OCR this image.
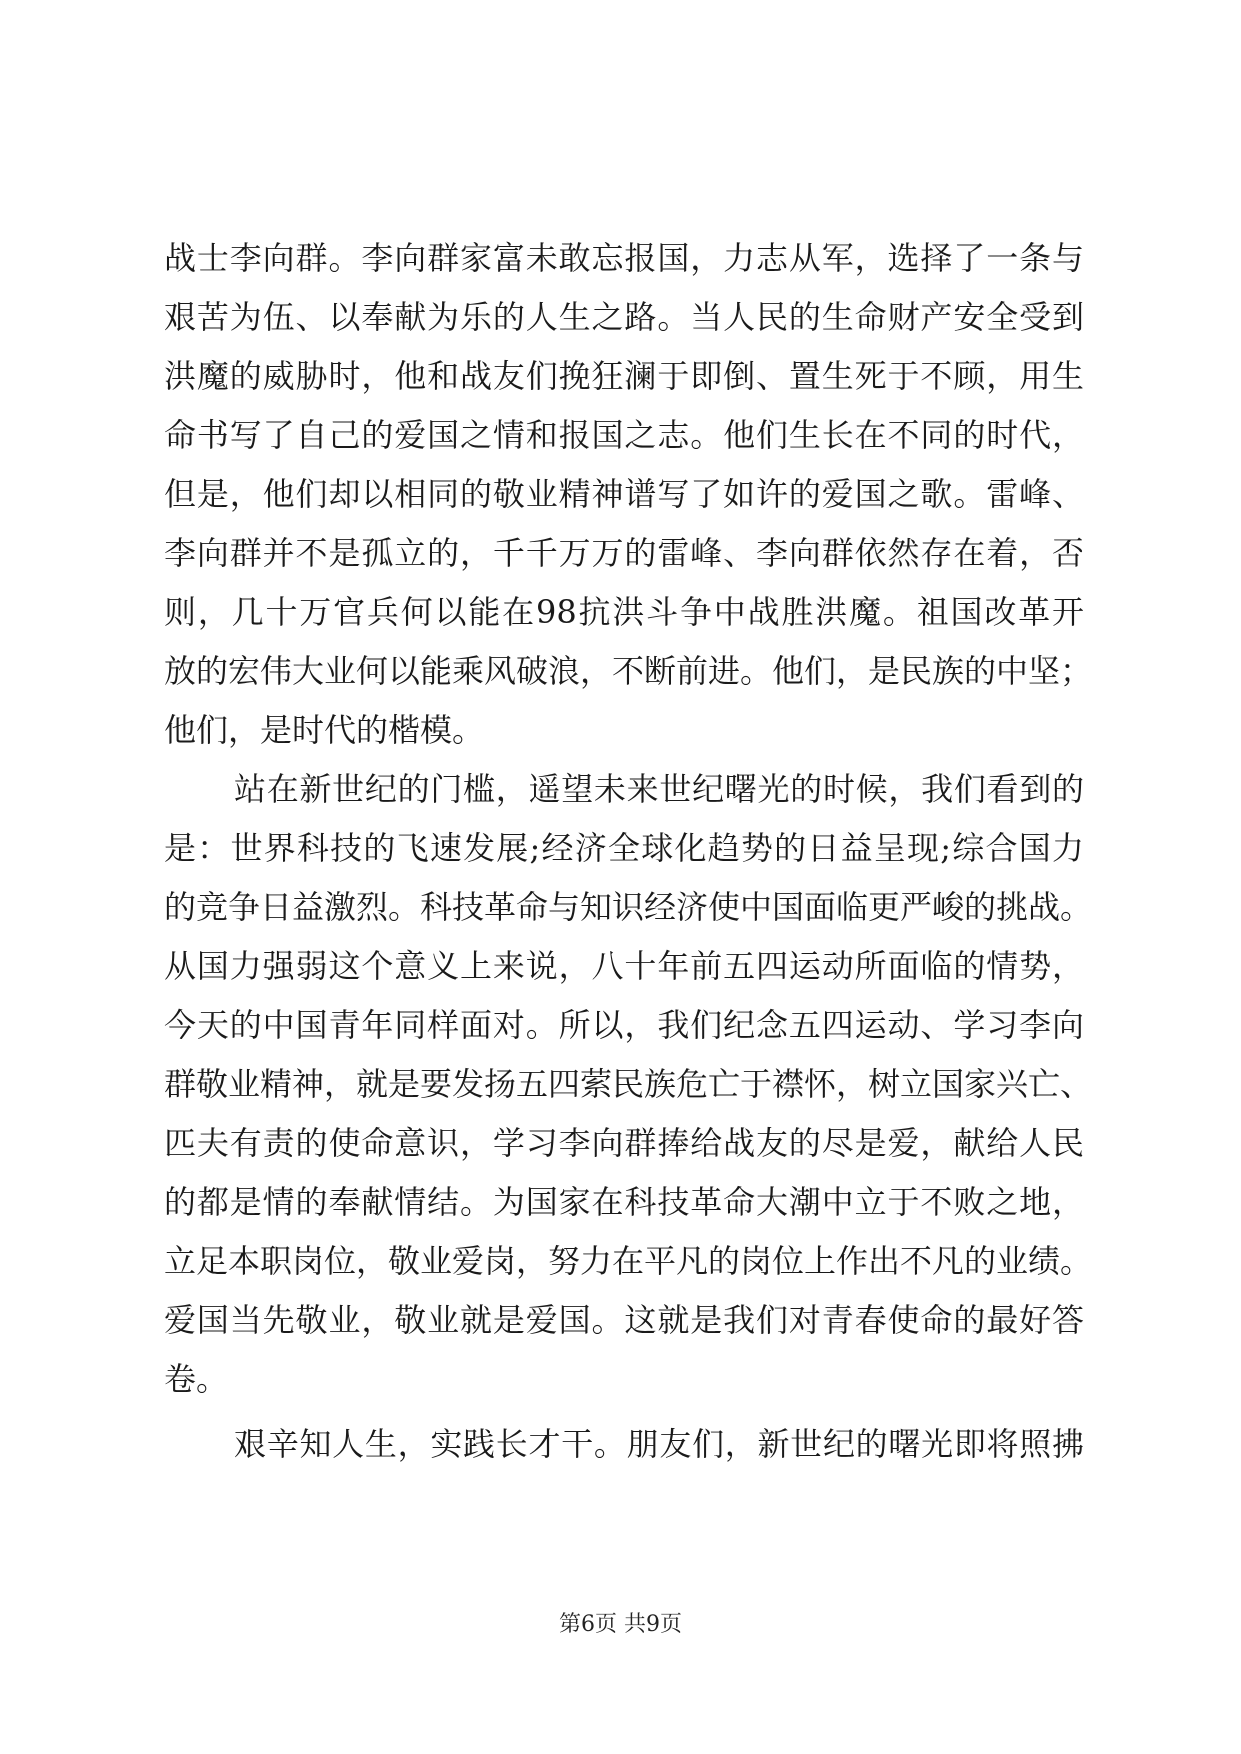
战士李向群。李向群家富未敢忘报国，力志从军，选择了一条与
艰苦为伍、以奉献为乐的人生之路。当人民的生命财产安全受到
洪魔的威胁时，他和战友们挽狂澜于即倒、置生死于不顾，用生
命书写了自己的爱国之情和报国之志。他们生长在不同的时代，
但是，他们却以相同的敬业精神谱写了如许的爱国之歌。雷峰、
李向群并不是孤立的，千千万万的雷峰、李向群依然存在着，否
则，几十万官兵何以能在98抗洪斗争中战胜洪魔。祖国改革开
放的宏伟大业何以能乘风破浪，不断前进。他们，是民族的中坚；
他们，是时代的楷模。
站在新世纪的门槛，遥望未来世纪曙光的时候，我们看到的
是：世界科技的飞速发展;经济全球化趋势的日益呈现;综合国力
的竞争日益激烈。科技革命与知识经济使中国面临更严峻的挑战。
从国力强弱这个意义上来说，八十年前五四运动所面临的情势，
今天的中国青年同样面对。所以，我们纪念五四运动、学习李向
群敬业精神，就是要发扬五四萦民族危亡于襟怀，树立国家兴亡、
匹夫有责的使命意识，学习李向群捧给战友的尽是爱，献给人民
的都是情的奉献情结。为国家在科技革命大潮中立于不败之地，
立足本职岗位，敬业爱岗，努力在平凡的岗位上作出不凡的业绩。
爱国当先敬业，敬业就是爱国。这就是我们对青春使命的最好答
卷。
艰辛知人生，实践长才干。朋友们，新世纪的曙光即将照拂
第6页 共9页
